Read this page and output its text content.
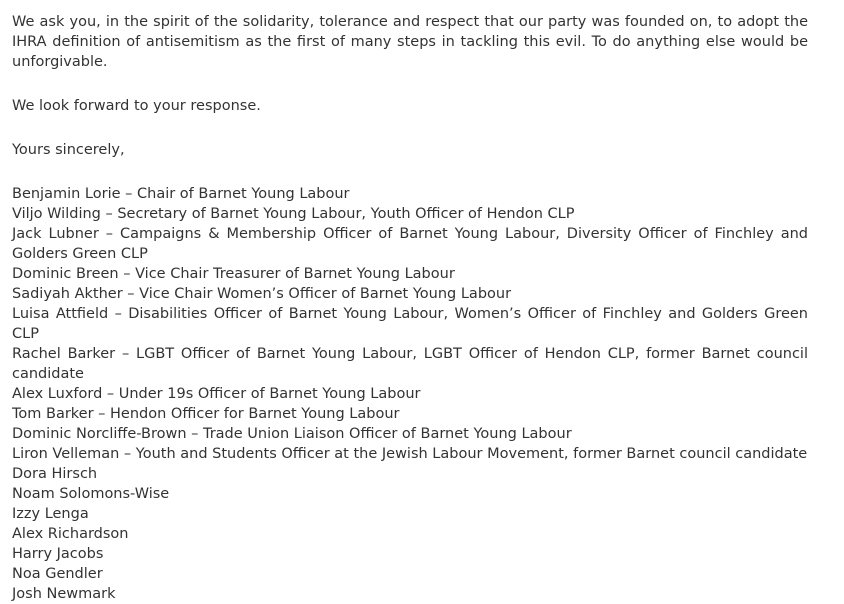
We ask you, in the spirit of the solidarity, tolerance and respect that our party was founded on, to adopt the IHRA definition of antisemitism as the first of many steps in tackling this evil. To do anything else would be unforgivable.

We look forward to your response.

Yours sincerely,

Benjamin Lorie – Chair of Barnet Young Labour
Viljo Wilding – Secretary of Barnet Young Labour, Youth Officer of Hendon CLP
Jack Lubner – Campaigns & Membership Officer of Barnet Young Labour, Diversity Officer of Finchley and Golders Green CLP
Dominic Breen – Vice Chair Treasurer of Barnet Young Labour
Sadiyah Akther – Vice Chair Women’s Officer of Barnet Young Labour
Luisa Attfield – Disabilities Officer of Barnet Young Labour, Women’s Officer of Finchley and Golders Green CLP
Rachel Barker – LGBT Officer of Barnet Young Labour, LGBT Officer of Hendon CLP, former Barnet council candidate
Alex Luxford – Under 19s Officer of Barnet Young Labour
Tom Barker – Hendon Officer for Barnet Young Labour
Dominic Norcliffe-Brown – Trade Union Liaison Officer of Barnet Young Labour
Liron Velleman – Youth and Students Officer at the Jewish Labour Movement, former Barnet council candidate
Dora Hirsch
Noam Solomons-Wise
Izzy Lenga
Alex Richardson
Harry Jacobs
Noa Gendler
Josh Newmark
